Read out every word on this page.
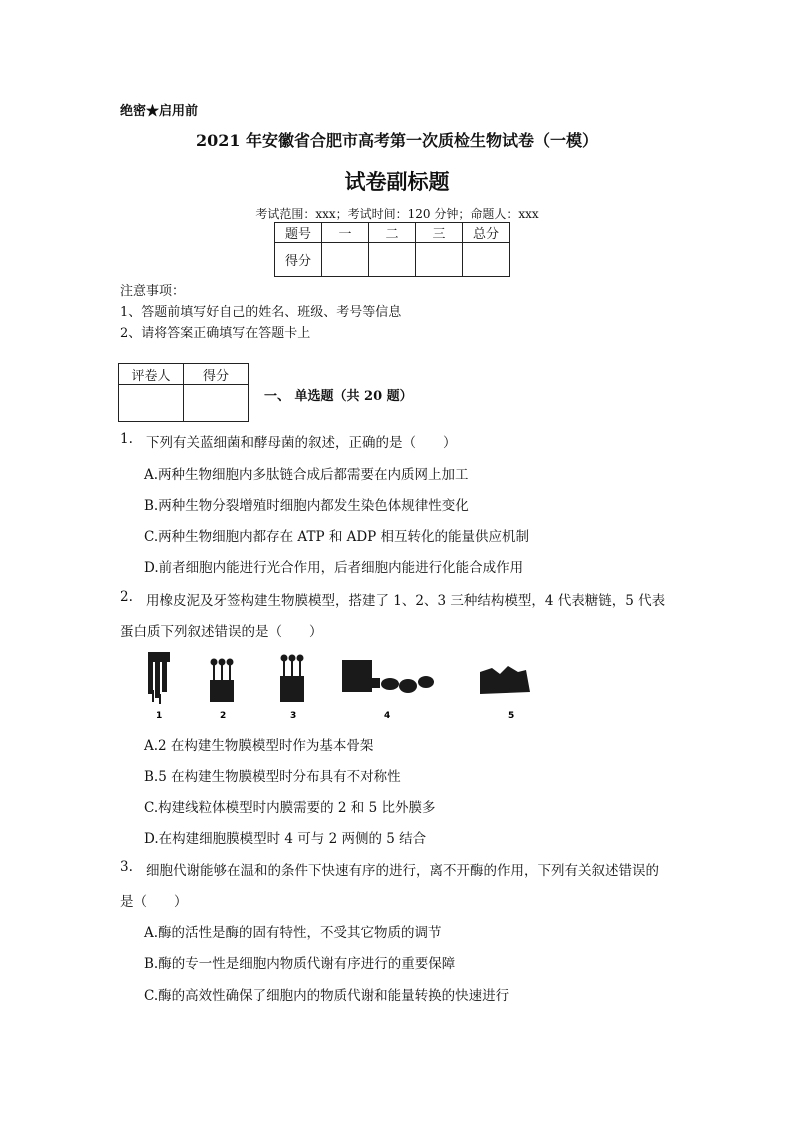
绝密★启用前
2021 年安徽省合肥市高考第一次质检生物试卷（一模）
试卷副标题
考试范围：xxx；考试时间：120 分钟；命题人：xxx
题号	一	二	三	总分
得分				
注意事项：
1、答题前填写好自己的姓名、班级、考号等信息
2、请将答案正确填写在答题卡上
评卷人	得分

一、 单选题（共 20 题）
1. 下列有关蓝细菌和酵母菌的叙述，正确的是（　　）
A.两种生物细胞内多肽链合成后都需要在内质网上加工
B.两种生物分裂增殖时细胞内都发生染色体规律性变化
C.两种生物细胞内都存在 ATP 和 ADP 相互转化的能量供应机制
D.前者细胞内能进行光合作用，后者细胞内能进行化能合成作用
2. 用橡皮泥及牙签构建生物膜模型，搭建了 1、2、3 三种结构模型，4 代表糖链，5 代表
蛋白质下列叙述错误的是（　　）
1	2	3	4	5
A.2 在构建生物膜模型时作为基本骨架
B.5 在构建生物膜模型时分布具有不对称性
C.构建线粒体模型时内膜需要的 2 和 5 比外膜多
D.在构建细胞膜模型时 4 可与 2 两侧的 5 结合
3. 细胞代谢能够在温和的条件下快速有序的进行，离不开酶的作用，下列有关叙述错误的
是（　　）
A.酶的活性是酶的固有特性，不受其它物质的调节
B.酶的专一性是细胞内物质代谢有序进行的重要保障
C.酶的高效性确保了细胞内的物质代谢和能量转换的快速进行
